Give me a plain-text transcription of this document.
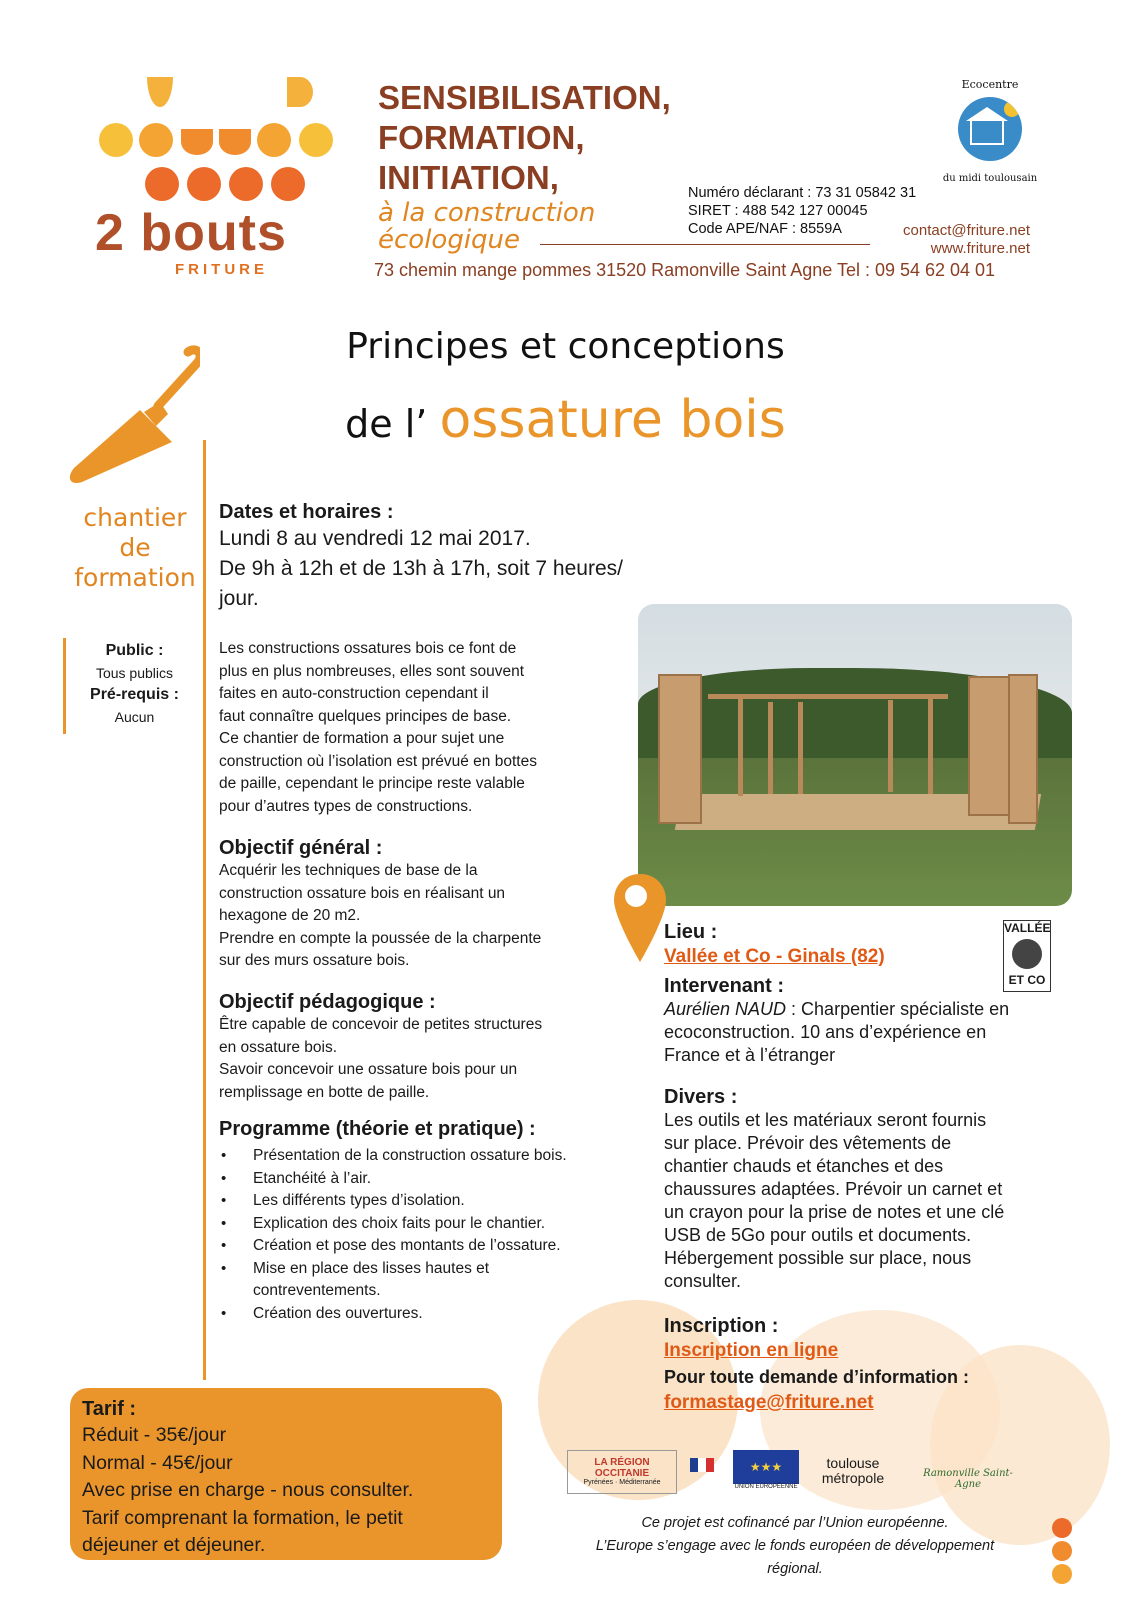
2 bouts
FRITURE
SENSIBILISATION,
FORMATION,
INITIATION,
à la construction
écologique
Numéro déclarant : 73 31 05842 31
SIRET : 488 542 127 00045
Code APE/NAF : 8559A	contact@friture.net
www.friture.net
73 chemin mange pommes 31520 Ramonville Saint Agne Tel : 09 54 62 04 01
Ecocentre
du midi toulousain
Principes et conceptions
de l’ ossature bois
chantier
de
formation
Public :
Tous publics
Pré-requis :
Aucun
Dates et horaires :
Lundi 8 au vendredi 12 mai 2017.
De 9h à 12h et de 13h à 17h, soit 7 heures/
jour.
Les constructions ossatures bois ce font de
plus en plus nombreuses, elles sont souvent
faites en auto-construction cependant il
faut connaître quelques principes de base.
Ce chantier de formation a pour sujet une
construction où l’isolation est prévué en bottes
de paille, cependant le principe reste valable
pour d’autres types de constructions.
Objectif général :
Acquérir les techniques de base de la
construction ossature bois en réalisant un
hexagone de 20 m2.
Prendre en compte la poussée de la charpente
sur des murs ossature bois.
Objectif pédagogique :
Être capable de concevoir de petites structures
en ossature bois.
Savoir concevoir une ossature bois pour un
remplissage en botte de paille.
Programme (théorie et pratique) :
• Présentation de la construction ossature bois.
• Etanchéité à l’air.
• Les différents types d’isolation.
• Explication des choix faits pour le chantier.
• Création et pose des montants de l’ossature.
• Mise en place des lisses hautes et contreventements.
• Création des ouvertures.
Tarif :
Réduit - 35€/jour
Normal - 45€/jour
Avec prise en charge - nous consulter.
Tarif comprenant la formation, le petit
déjeuner et déjeuner.
Lieu :
Vallée et Co - Ginals (82)
VALLÉE
ET CO
Intervenant :
Aurélien NAUD : Charpentier spécialiste en
ecoconstruction. 10 ans d’expérience en
France et à l’étranger
Divers :
Les outils et les matériaux seront fournis
sur place. Prévoir des vêtements de
chantier chauds et étanches et des
chaussures adaptées. Prévoir un carnet et
un crayon pour la prise de notes et une clé
USB de 5Go pour outils et documents.
Hébergement possible sur place, nous
consulter.
Inscription :
Inscription en ligne
Pour toute demande d’information :
formastage@friture.net
LA RÉGION OCCITANIE
Pyrénées · Méditerranée
★★★
UNION EUROPÉENNE
toulouse métropole	Ramonville Saint-Agne
Ce projet est cofinancé par l’Union européenne.
L’Europe s’engage avec le fonds européen de développement
régional.
